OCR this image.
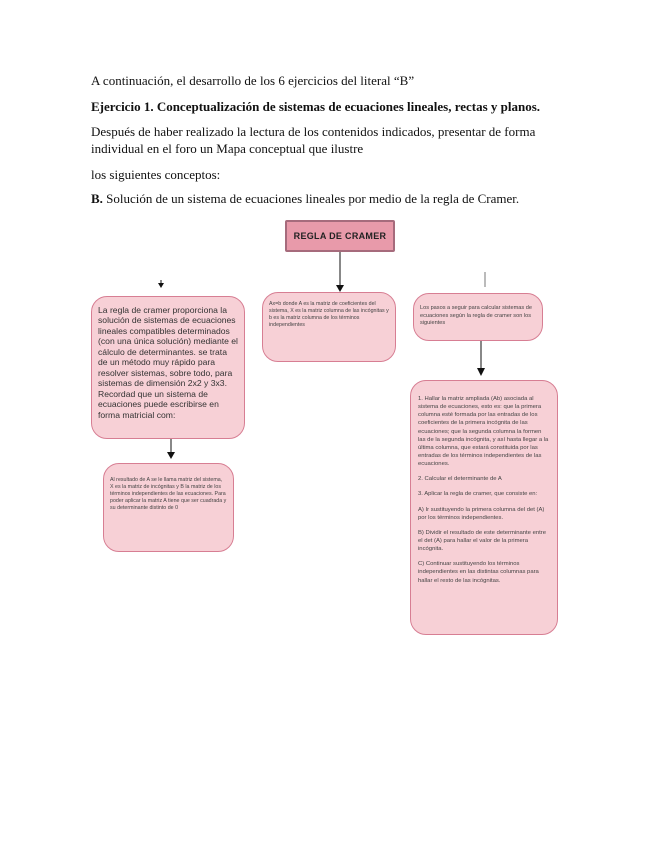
A continuación, el desarrollo de los 6 ejercicios del literal “B”

Ejercicio 1. Conceptualización de sistemas de ecuaciones lineales, rectas y planos.

Después de haber realizado la lectura de los contenidos indicados, presentar de forma individual en el foro un Mapa conceptual que ilustre

los siguientes conceptos:

B. Solución de un sistema de ecuaciones lineales por medio de la regla de Cramer.

REGLA DE CRAMER
La regla de cramer proporciona la solución de sistemas de ecuaciones lineales compatibles determinados (con una única solución) mediante el cálculo de determinantes. se trata de un método muy rápido para resolver sistemas, sobre todo, para sistemas de dimensión 2x2 y 3x3. Recordad que un sistema de ecuaciones puede escribirse en forma matricial com:
Ax=b donde A es la matriz de coeficientes del sistema, X es la matriz columna de las incógnitas y b es la matriz columna de los términos independientes
Los pasos a seguir para calcular sistemas de ecuaciones según la regla de cramer son los siguientes
Al resultado de A se le llama matriz del sistema, X es la matriz de incógnitas y B la matriz de los términos independientes de las ecuaciones. Para poder aplicar la matriz A tiene que ser cuadrada y su determinante distinto de 0

1. Hallar la matriz ampliada (Ab) asociada al sistema de ecuaciones, esto es: que la primera columna esté formada por las entradas de los coeficientes de la primera incógnita de las ecuaciones; que la segunda columna la formen las de la segunda incógnita, y así hasta llegar a la última columna, que estará constituida por las entradas de los términos independientes de las ecuaciones.

2. Calcular el determinante de A

3. Aplicar la regla de cramer, que consiste en:

A) Ir sustituyendo la primera columna del det (A) por los términos independientes.

B) Dividir el resultado de este determinante entre el det (A) para hallar el valor de la primera incógnita.

C) Continuar sustituyendo los términos independientes en las distintas columnas para hallar el resto de las incógnitas.
